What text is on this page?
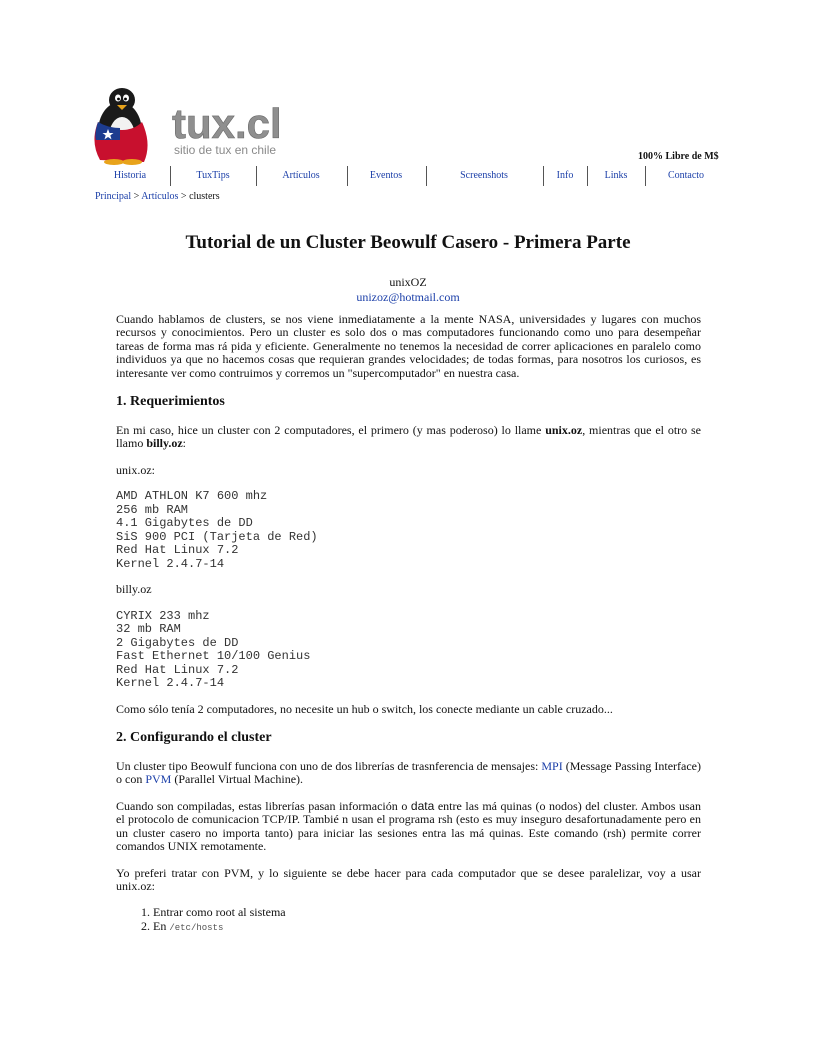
tux.cl
sitio de tux en chile	100% Libre de M$
Historia	TuxTips	Artículos	Eventos	Screenshots	Info	Links	Contacto
Principal > Artículos > clusters
Tutorial de un Cluster Beowulf Casero - Primera Parte
unixOZ
unizoz@hotmail.com

Cuando hablamos de clusters, se nos viene inmediatamente a la mente NASA, universidades y lugares con muchos recursos y conocimientos. Pero un cluster es solo dos o mas computadores funcionando como uno para desempeñar tareas de forma mas rá pida y eficiente. Generalmente no tenemos la necesidad de correr aplicaciones en paralelo como individuos ya que no hacemos cosas que requieran grandes velocidades; de todas formas, para nosotros los curiosos, es interesante ver como contruimos y corremos un "supercomputador" en nuestra casa.

1. Requerimientos

En mi caso, hice un cluster con 2 computadores, el primero (y mas poderoso) lo llame unix.oz, mientras que el otro se llamo billy.oz:

unix.oz:

AMD ATHLON K7 600 mhz
256 mb RAM
4.1 Gigabytes de DD
SiS 900 PCI (Tarjeta de Red)
Red Hat Linux 7.2
Kernel 2.4.7-14

billy.oz

CYRIX 233 mhz
32 mb RAM
2 Gigabytes de DD
Fast Ethernet 10/100 Genius
Red Hat Linux 7.2
Kernel 2.4.7-14

Como sólo tenía 2 computadores, no necesite un hub o switch, los conecte mediante un cable cruzado...

2. Configurando el cluster

Un cluster tipo Beowulf funciona con uno de dos librerías de trasnferencia de mensajes: MPI (Message Passing Interface) o con PVM (Parallel Virtual Machine).

Cuando son compiladas, estas librerías pasan información o data entre las má quinas (o nodos) del cluster. Ambos usan el protocolo de comunicacion TCP/IP. Tambié n usan el programa rsh (esto es muy inseguro desafortunadamente pero en un cluster casero no importa tanto) para iniciar las sesiones entra las má quinas. Este comando (rsh) permite correr comandos UNIX remotamente.

Yo preferi tratar con PVM, y lo siguiente se debe hacer para cada computador que se desee paralelizar, voy a usar unix.oz:

1. Entrar como root al sistema
2. En /etc/hosts
